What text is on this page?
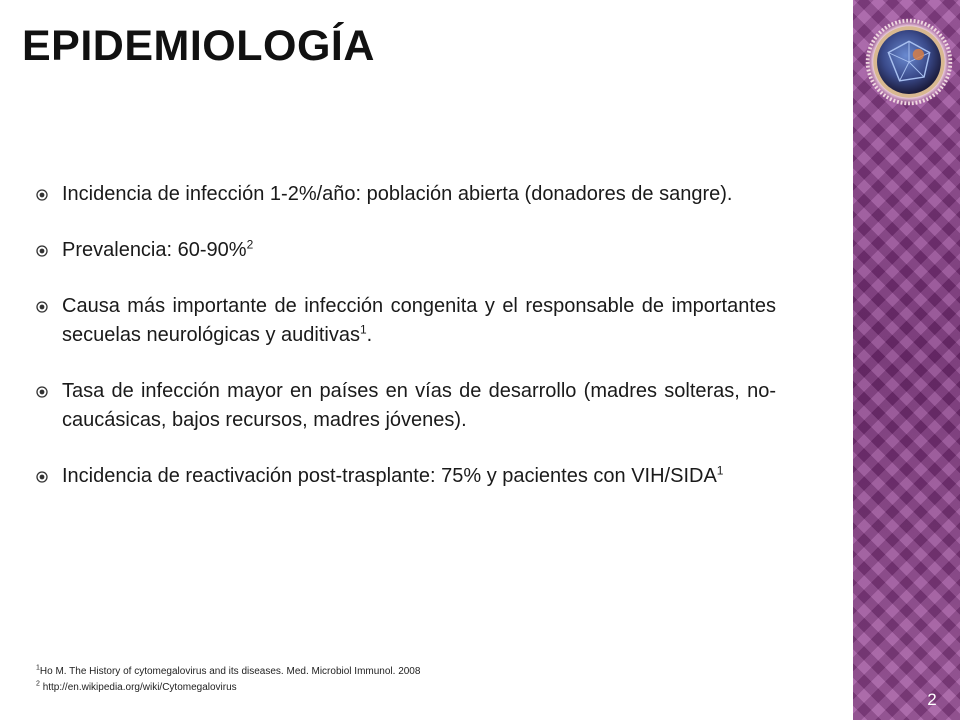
EPIDEMIOLOGÍA
Incidencia de infección 1-2%/año: población abierta (donadores de sangre).
Prevalencia: 60-90%$^2$
Causa más importante de infección congenita y el responsable de importantes secuelas neurológicas y auditivas$^1$.
Tasa de infección mayor en países en vías de desarrollo (madres solteras, no-caucásicas, bajos recursos, madres jóvenes).
Incidencia de reactivación post-trasplante: 75% y pacientes con VIH/SIDA$^1$
$^1$Ho M. The History of cytomegalovirus and its diseases. Med. Microbiol Immunol. 2008
$^2$ http://en.wikipedia.org/wiki/Cytomegalovirus
2
